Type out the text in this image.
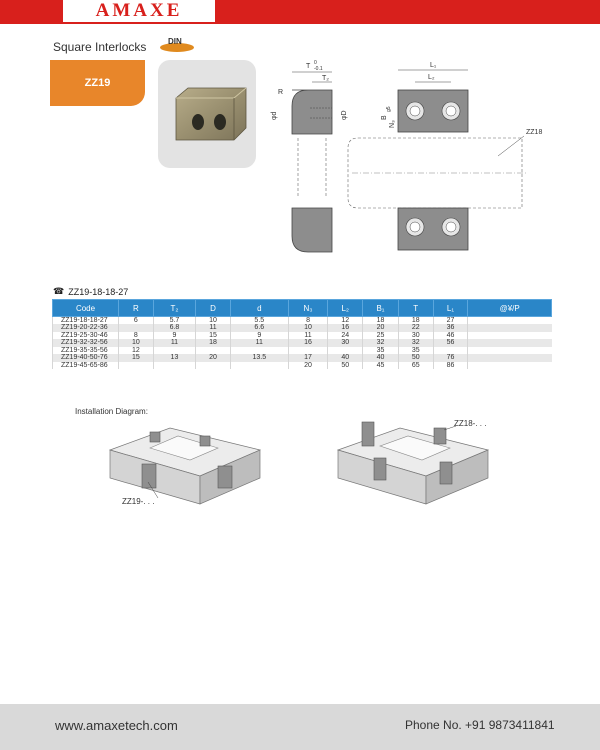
AMAXE
Square Interlocks	DIN
ZZ19
T 0
-0.1
T₂
R
φd	φD
L₁
L₂
B
g5
N₃
ZZ18
☎ ZZ19-18-18-27
Code	R	T₂	D	d	N₃	L₂	B₁	T	L₁	@¥/P
ZZ19-18-18-27	6	5.7	10	5.5	8	12	18	18	27	
ZZ19-20-22-36		6.8	11	6.6	10	16	20	22	36	
ZZ19-25-30-46	8	9	15	9	11	24	25	30	46	
ZZ19-32-32-56	10	11	18	11	16	30	32	32	56	
ZZ19-35-35-56	12						35	35		
ZZ19-40-50-76	15	13	20	13.5	17	40	40	50	76	
ZZ19-45-65-86					20	50	45	65	86	
Installation Diagram:
ZZ19-. . .
ZZ18-. . .
www.amaxetech.com	Phone No. +91 9873411841
